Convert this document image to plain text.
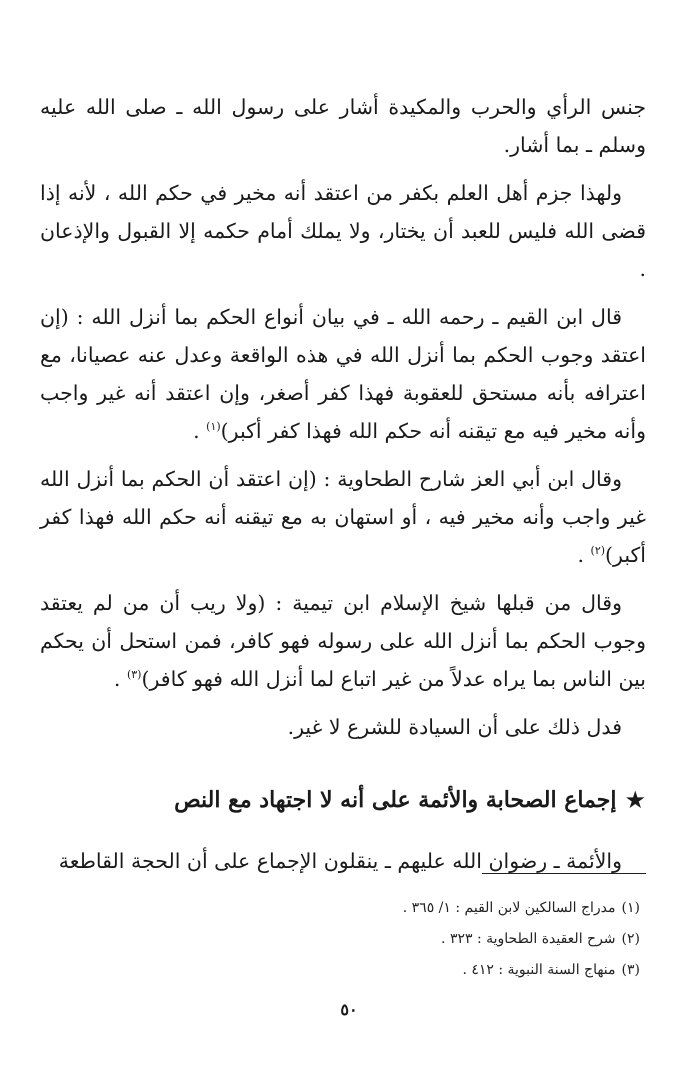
جنس الرأي والحرب والمكيدة أشار على رسول الله ـ صلى الله عليه وسلم ـ بما أشار.

ولهذا جزم أهل العلم بكفر من اعتقد أنه مخير في حكم الله ، لأنه إذا قضى الله فليس للعبد أن يختار، ولا يملك أمام حكمه إلا القبول والإذعان .

قال ابن القيم ـ رحمه الله ـ في بيان أنواع الحكم بما أنزل الله : (إن اعتقد وجوب الحكم بما أنزل الله في هذه الواقعة وعدل عنه عصيانا، مع اعترافه بأنه مستحق للعقوبة فهذا كفر أصغر، وإن اعتقد أنه غير واجب وأنه مخير فيه مع تيقنه أنه حكم الله فهذا كفر أكبر)$^{(١)}$ .

وقال ابن أبي العز شارح الطحاوية : (إن اعتقد أن الحكم بما أنزل الله غير واجب وأنه مخير فيه ، أو استهان به مع تيقنه أنه حكم الله فهذا كفر أكبر)$^{(٢)}$ .

وقال من قبلها شيخ الإسلام ابن تيمية : (ولا ريب أن من لم يعتقد وجوب الحكم بما أنزل الله على رسوله فهو كافر، فمن استحل أن يحكم بين الناس بما يراه عدلاً من غير اتباع لما أنزل الله فهو كافر)$^{(٣)}$ .

فدل ذلك على أن السيادة للشرع لا غير.

★
إجماع الصحابة والأئمة على أنه لا اجتهاد مع النص

والأئمة ـ رضوان الله عليهم ـ ينقلون الإجماع على أن الحجة القاطعة

(١)
مدراج السالكين لابن القيم : ١/ ٣٦٥ .
(٢)
شرح العقيدة الطحاوية : ٣٢٣ .
(٣)
منهاج السنة النبوية : ٤١٢ .
٥٠
